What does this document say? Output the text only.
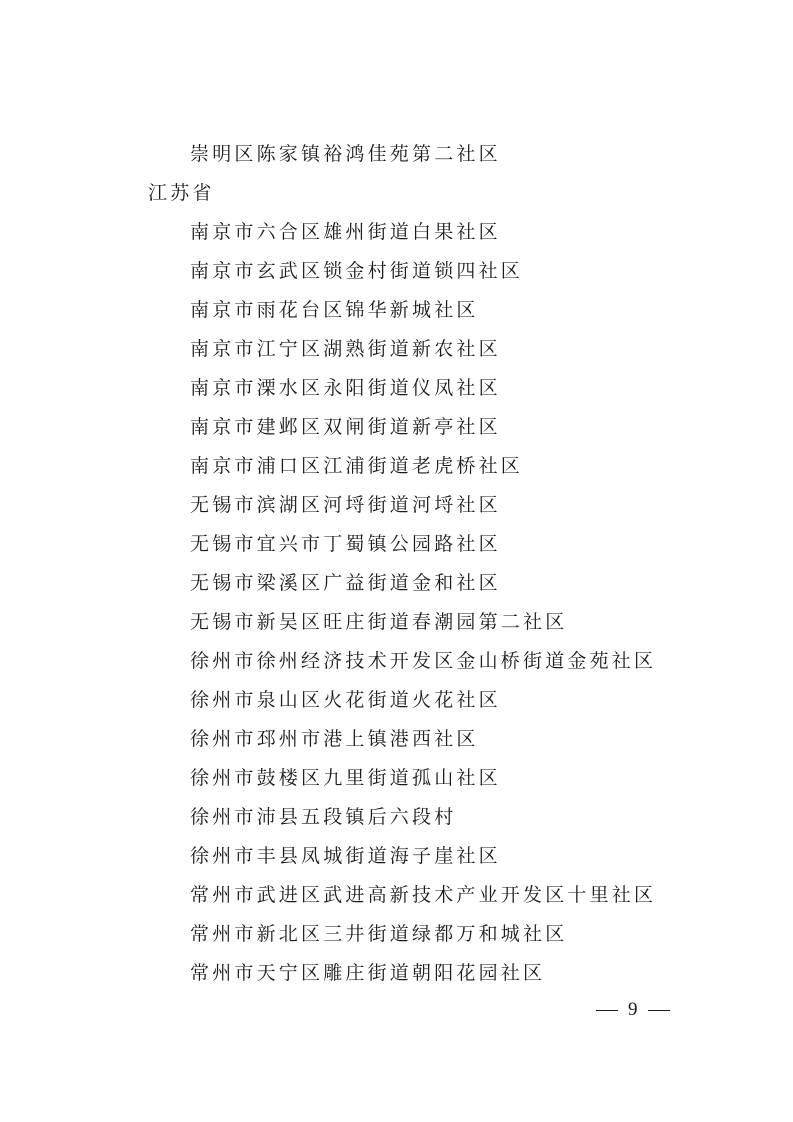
崇明区陈家镇裕鸿佳苑第二社区
江苏省
南京市六合区雄州街道白果社区
南京市玄武区锁金村街道锁四社区
南京市雨花台区锦华新城社区
南京市江宁区湖熟街道新农社区
南京市溧水区永阳街道仪凤社区
南京市建邺区双闸街道新亭社区
南京市浦口区江浦街道老虎桥社区
无锡市滨湖区河埒街道河埒社区
无锡市宜兴市丁蜀镇公园路社区
无锡市梁溪区广益街道金和社区
无锡市新吴区旺庄街道春潮园第二社区
徐州市徐州经济技术开发区金山桥街道金苑社区
徐州市泉山区火花街道火花社区
徐州市邳州市港上镇港西社区
徐州市鼓楼区九里街道孤山社区
徐州市沛县五段镇后六段村
徐州市丰县凤城街道海子崖社区
常州市武进区武进高新技术产业开发区十里社区
常州市新北区三井街道绿都万和城社区
常州市天宁区雕庄街道朝阳花园社区
9
